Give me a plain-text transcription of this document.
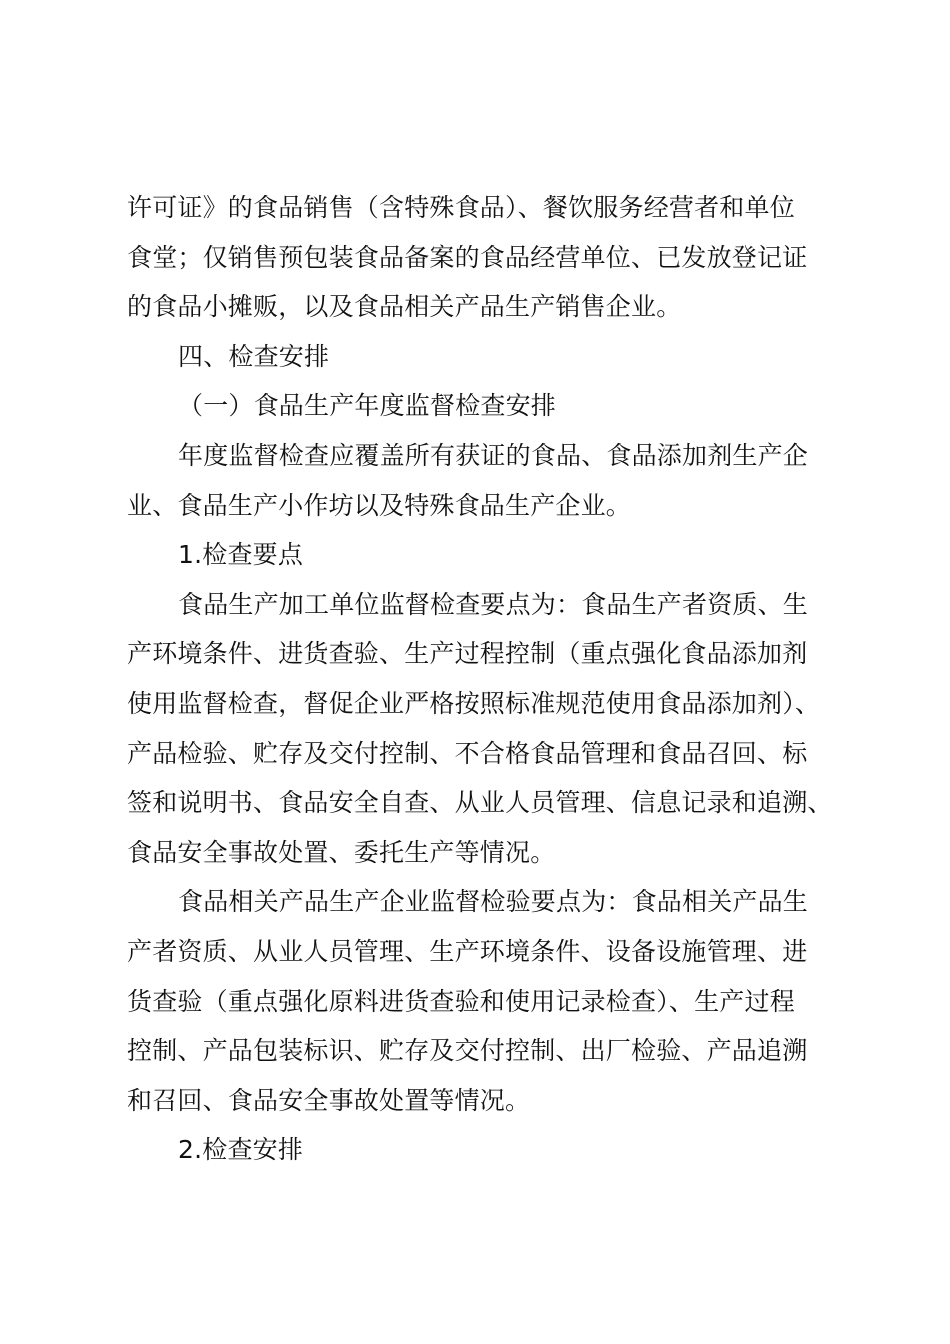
许可证》的食品销售（含特殊食品）、餐饮服务经营者和单位
食堂；仅销售预包装食品备案的食品经营单位、已发放登记证
的食品小摊贩，以及食品相关产品生产销售企业。
四、检查安排
（一）食品生产年度监督检查安排
年度监督检查应覆盖所有获证的食品、食品添加剂生产企
业、食品生产小作坊以及特殊食品生产企业。
1.检查要点
食品生产加工单位监督检查要点为：食品生产者资质、生
产环境条件、进货查验、生产过程控制（重点强化食品添加剂
使用监督检查，督促企业严格按照标准规范使用食品添加剂）、
产品检验、贮存及交付控制、不合格食品管理和食品召回、标
签和说明书、食品安全自查、从业人员管理、信息记录和追溯、
食品安全事故处置、委托生产等情况。
食品相关产品生产企业监督检验要点为：食品相关产品生
产者资质、从业人员管理、生产环境条件、设备设施管理、进
货查验（重点强化原料进货查验和使用记录检查）、生产过程
控制、产品包装标识、贮存及交付控制、出厂检验、产品追溯
和召回、食品安全事故处置等情况。
2.检查安排
